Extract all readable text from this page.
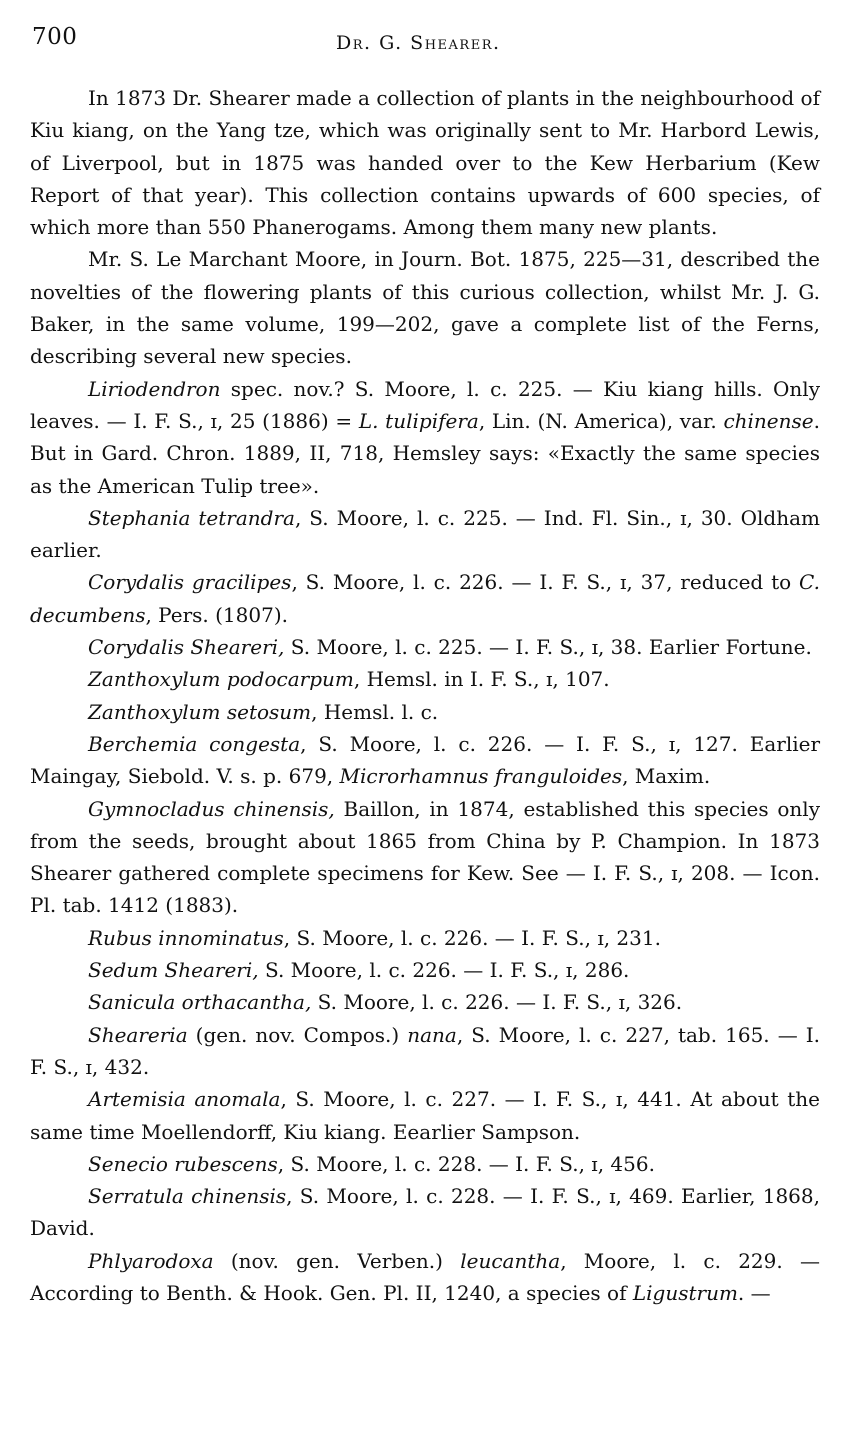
700	Dr. G. Shearer.

In 1873 Dr. Shearer made a collection of plants in the neighbourhood of Kiu kiang, on the Yang tze, which was originally sent to Mr. Harbord Lewis, of Liverpool, but in 1875 was handed over to the Kew Herbarium (Kew Report of that year). This collection contains upwards of 600 species, of which more than 550 Phanerogams. Among them many new plants.

Mr. S. Le Marchant Moore, in Journ. Bot. 1875, 225—31, described the novelties of the flowering plants of this curious collection, whilst Mr. J. G. Baker, in the same volume, 199—202, gave a complete list of the Ferns, describing several new species.

Liriodendron spec. nov.? S. Moore, l. c. 225. — Kiu kiang hills. Only leaves. — I. F. S., ɪ, 25 (1886) = L. tulipifera, Lin. (N. America), var. chinense. But in Gard. Chron. 1889, II, 718, Hemsley says: «Exactly the same species as the American Tulip tree».

Stephania tetrandra, S. Moore, l. c. 225. — Ind. Fl. Sin., ɪ, 30. Oldham earlier.

Corydalis gracilipes, S. Moore, l. c. 226. — I. F. S., ɪ, 37, reduced to C. decumbens, Pers. (1807).

Corydalis Sheareri, S. Moore, l. c. 225. — I. F. S., ɪ, 38. Earlier Fortune.

Zanthoxylum podocarpum, Hemsl. in I. F. S., ɪ, 107.

Zanthoxylum setosum, Hemsl. l. c.

Berchemia congesta, S. Moore, l. c. 226. — I. F. S., ɪ, 127. Earlier Maingay, Siebold. V. s. p. 679, Microrhamnus franguloides, Maxim.

Gymnocladus chinensis, Baillon, in 1874, established this species only from the seeds, brought about 1865 from China by P. Champion. In 1873 Shearer gathered complete specimens for Kew. See — I. F. S., ɪ, 208. — Icon. Pl. tab. 1412 (1883).

Rubus innominatus, S. Moore, l. c. 226. — I. F. S., ɪ, 231.

Sedum Sheareri, S. Moore, l. c. 226. — I. F. S., ɪ, 286.

Sanicula orthacantha, S. Moore, l. c. 226. — I. F. S., ɪ, 326.

Sheareria (gen. nov. Compos.) nana, S. Moore, l. c. 227, tab. 165. — I. F. S., ɪ, 432.

Artemisia anomala, S. Moore, l. c. 227. — I. F. S., ɪ, 441. At about the same time Moellendorff, Kiu kiang. Eearlier Sampson.

Senecio rubescens, S. Moore, l. c. 228. — I. F. S., ɪ, 456.

Serratula chinensis, S. Moore, l. c. 228. — I. F. S., ɪ, 469. Earlier, 1868, David.

Phlyarodoxa (nov. gen. Verben.) leucantha, Moore, l. c. 229. — According to Benth. & Hook. Gen. Pl. II, 1240, a species of Ligustrum. —
